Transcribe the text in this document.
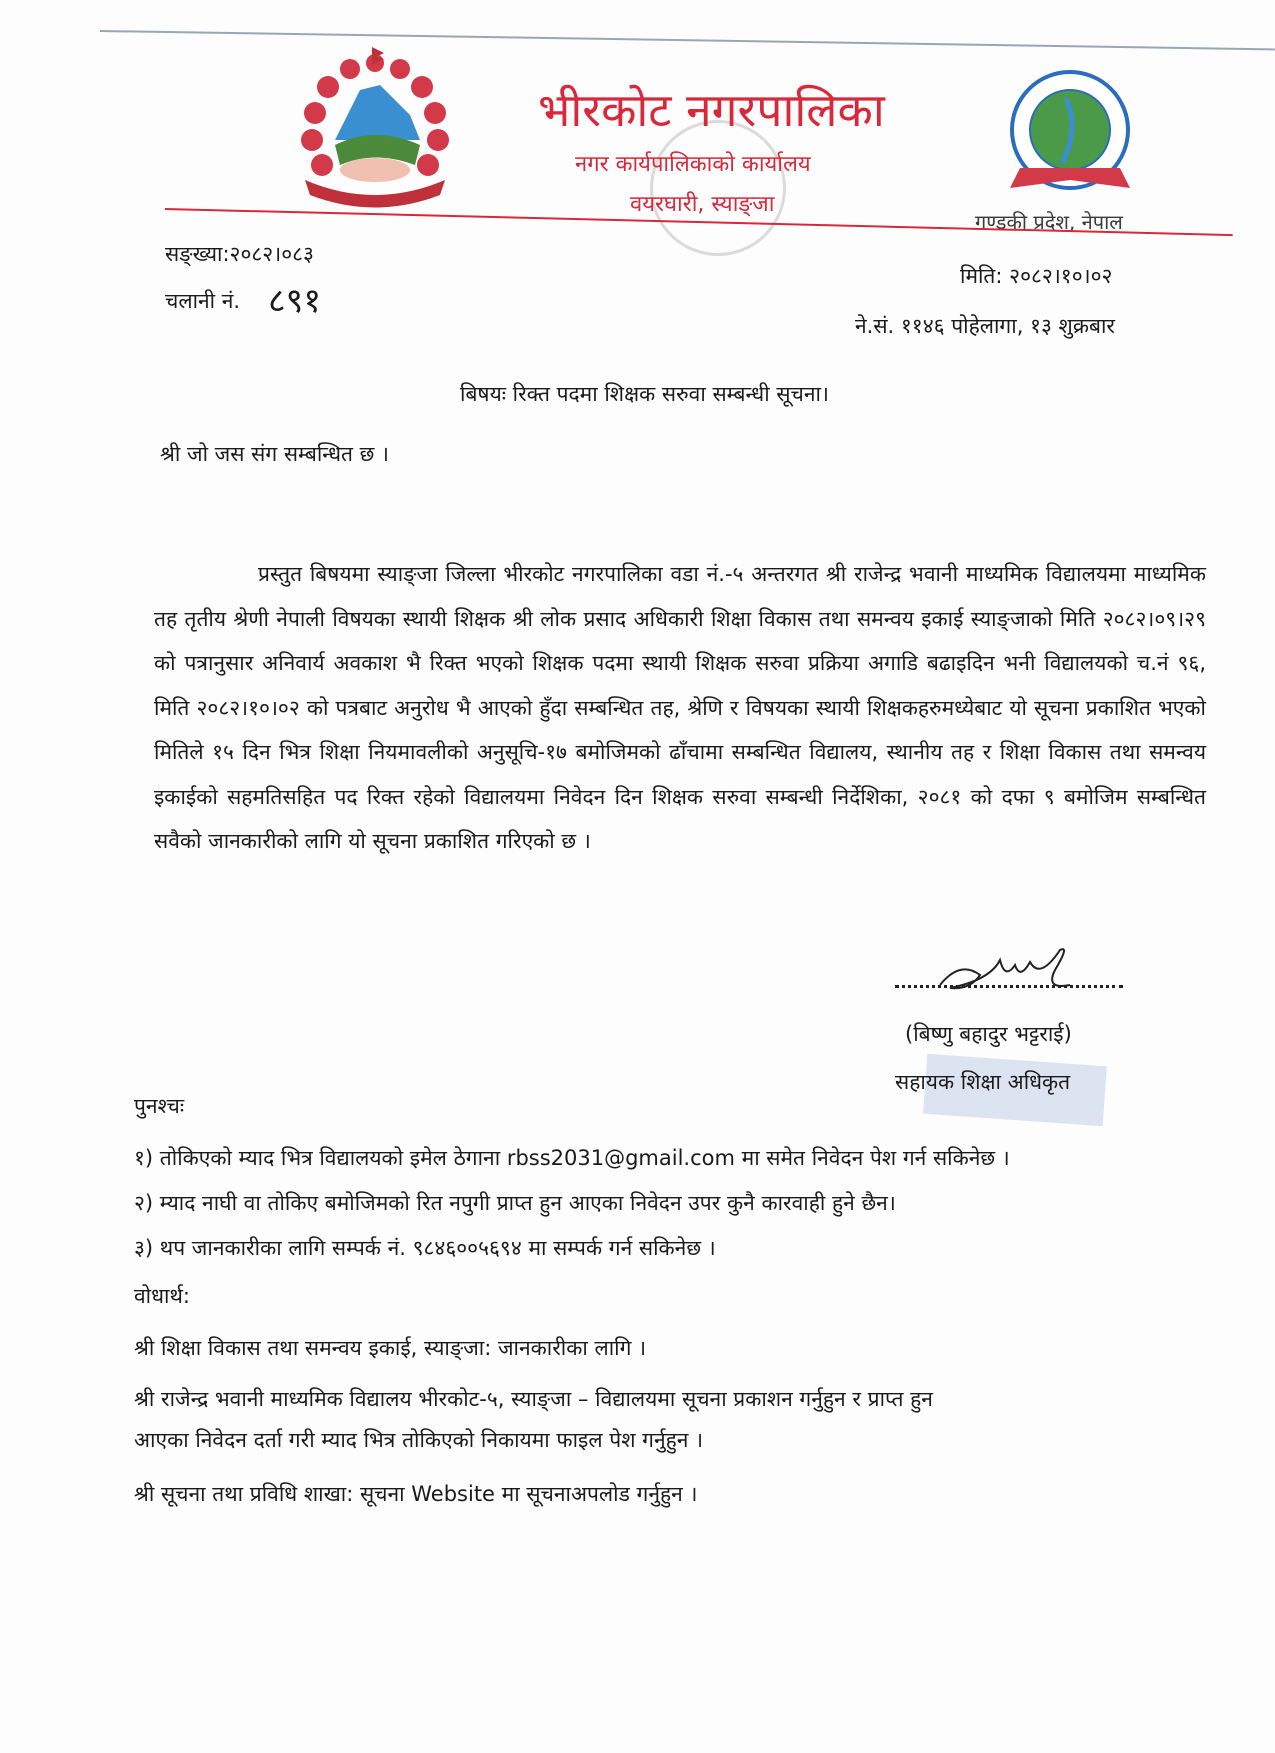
भीरकोट नगरपालिका
नगर कार्यपालिकाको कार्यालय
वयरघारी, स्याङ्जा
गण्डकी प्रदेश, नेपाल
सङ्ख्या:२०८२।०८३
चलानी नं. ८९१
मिति: २०८२।१०।०२
ने.सं. ११४६ पोहेलागा, १३ शुक्रबार
बिषयः रिक्त पदमा शिक्षक सरुवा सम्बन्धी सूचना।
श्री जो जस संग सम्बन्धित छ ।
प्रस्तुत बिषयमा स्याङ्जा जिल्ला भीरकोट नगरपालिका वडा नं.-५ अन्तरगत श्री राजेन्द्र भवानी माध्यमिक विद्यालयमा माध्यमिक तह तृतीय श्रेणी नेपाली विषयका स्थायी शिक्षक श्री लोक प्रसाद अधिकारी शिक्षा विकास तथा समन्वय इकाई स्याङ्जाको मिति २०८२।०९।२९ को पत्रानुसार अनिवार्य अवकाश भै रिक्त भएको शिक्षक पदमा स्थायी शिक्षक सरुवा प्रक्रिया अगाडि बढाइदिन भनी विद्यालयको च.नं ९६, मिति २०८२।१०।०२ को पत्रबाट अनुरोध भै आएको हुँदा सम्बन्धित तह, श्रेणि र विषयका स्थायी शिक्षकहरुमध्येबाट यो सूचना प्रकाशित भएको मितिले १५ दिन भित्र शिक्षा नियमावलीको अनुसूचि-१७ बमोजिमको ढाँचामा सम्बन्धित विद्यालय, स्थानीय तह र शिक्षा विकास तथा समन्वय इकाईको सहमतिसहित पद रिक्त रहेको विद्यालयमा निवेदन दिन शिक्षक सरुवा सम्बन्धी निर्देशिका, २०८१ को दफा ९ बमोजिम सम्बन्धित सवैको जानकारीको लागि यो सूचना प्रकाशित गरिएको छ ।
(बिष्णु बहादुर भट्टराई)
सहायक शिक्षा अधिकृत
पुनश्चः
१) तोकिएको म्याद भित्र विद्यालयको इमेल ठेगाना rbss2031@gmail.com मा समेत निवेदन पेश गर्न सकिनेछ ।
२) म्याद नाघी वा तोकिए बमोजिमको रित नपुगी प्राप्त हुन आएका निवेदन उपर कुनै कारवाही हुने छैन।
३) थप जानकारीका लागि सम्पर्क नं. ९८४६००५६९४ मा सम्पर्क गर्न सकिनेछ ।
वोधार्थ:
श्री शिक्षा विकास तथा समन्वय इकाई, स्याङ्जा: जानकारीका लागि ।
श्री राजेन्द्र भवानी माध्यमिक विद्यालय भीरकोट-५, स्याङ्जा – विद्यालयमा सूचना प्रकाशन गर्नुहुन र प्राप्त हुन
आएका निवेदन दर्ता गरी म्याद भित्र तोकिएको निकायमा फाइल पेश गर्नुहुन ।
श्री सूचना तथा प्रविधि शाखा: सूचना Website मा सूचनाअपलोड गर्नुहुन ।
